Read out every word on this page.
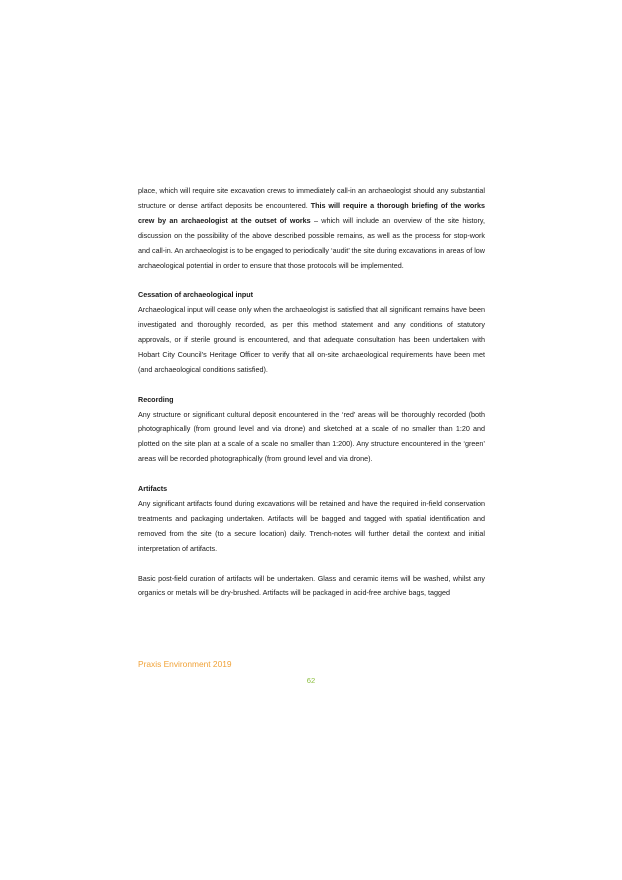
place, which will require site excavation crews to immediately call-in an archaeologist should any substantial structure or dense artifact deposits be encountered. This will require a thorough briefing of the works crew by an archaeologist at the outset of works – which will include an overview of the site history, discussion on the possibility of the above described possible remains, as well as the process for stop-work and call-in. An archaeologist is to be engaged to periodically ‘audit’ the site during excavations in areas of low archaeological potential in order to ensure that those protocols will be implemented.

Cessation of archaeological input

Archaeological input will cease only when the archaeologist is satisfied that all significant remains have been investigated and thoroughly recorded, as per this method statement and any conditions of statutory approvals, or if sterile ground is encountered, and that adequate consultation has been undertaken with Hobart City Council’s Heritage Officer to verify that all on-site archaeological requirements have been met (and archaeological conditions satisfied).

Recording

Any structure or significant cultural deposit encountered in the ‘red’ areas will be thoroughly recorded (both photographically (from ground level and via drone) and sketched at a scale of no smaller than 1:20 and plotted on the site plan at a scale of a scale no smaller than 1:200). Any structure encountered in the ‘green’ areas will be recorded photographically (from ground level and via drone).

Artifacts

Any significant artifacts found during excavations will be retained and have the required in-field conservation treatments and packaging undertaken. Artifacts will be bagged and tagged with spatial identification and removed from the site (to a secure location) daily. Trench-notes will further detail the context and initial interpretation of artifacts.

Basic post-field curation of artifacts will be undertaken. Glass and ceramic items will be washed, whilst any organics or metals will be dry-brushed. Artifacts will be packaged in acid-free archive bags, tagged

Praxis Environment 2019
62
